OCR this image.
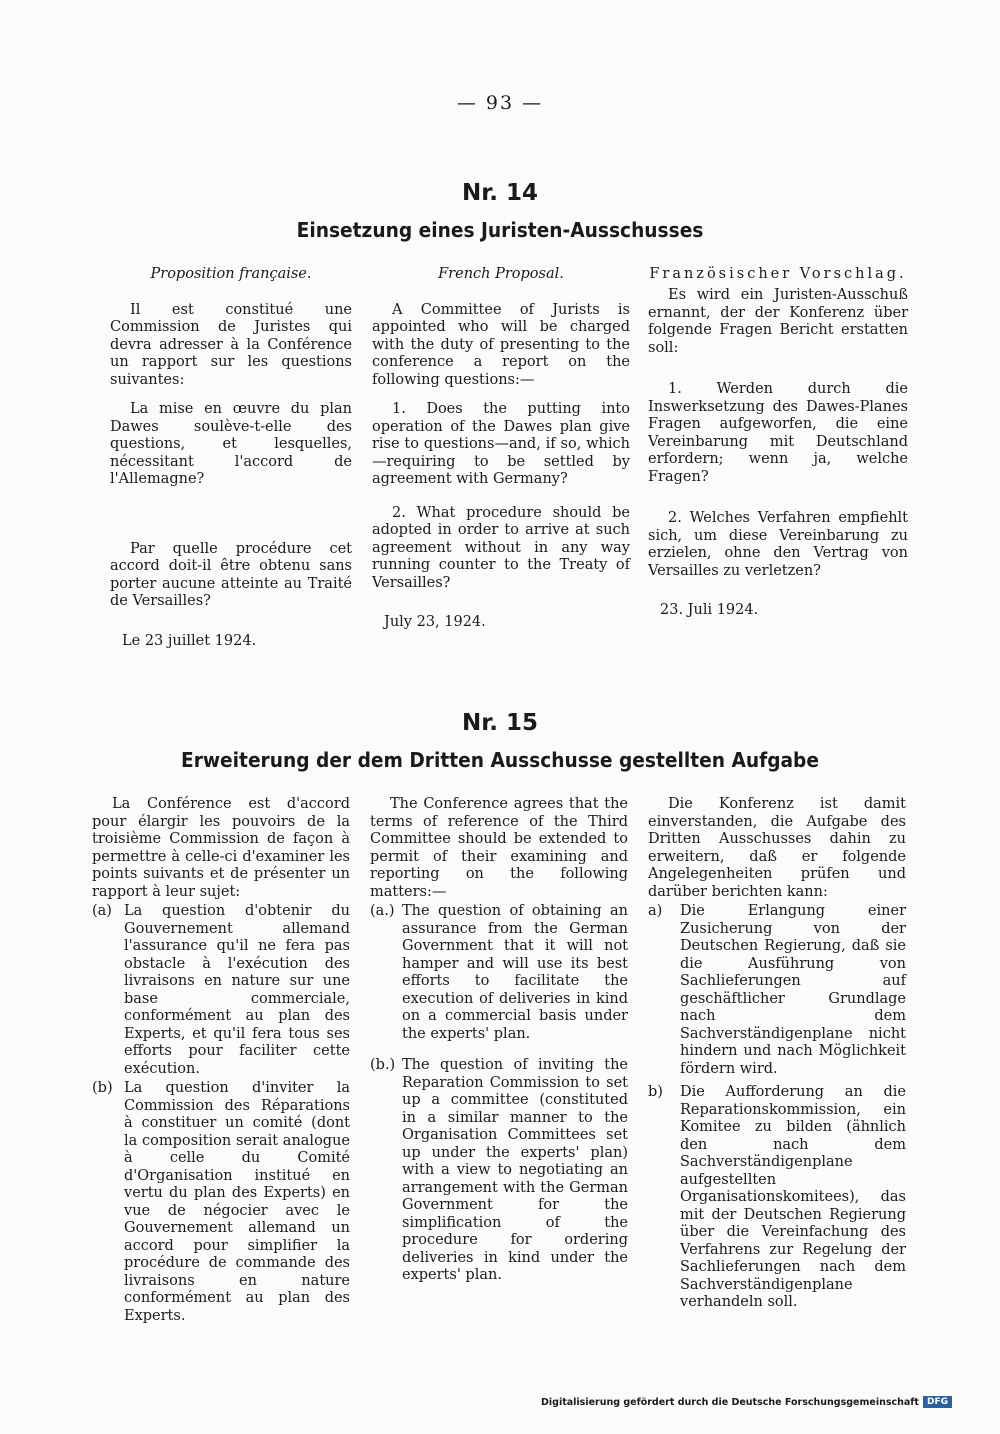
— 93 —
Nr. 14
Einsetzung eines Juristen-Ausschusses

Proposition française.

Il est constitué une Commission de Juristes qui devra adresser à la Conférence un rapport sur les questions suivantes:

La mise en œuvre du plan Dawes soulève-t-elle des questions, et lesquelles, nécessitant l'accord de l'Allemagne?

Par quelle procédure cet accord doit-il être obtenu sans porter aucune atteinte au Traité de Versailles?

Le 23 juillet 1924.

French Proposal.

A Committee of Jurists is appointed who will be charged with the duty of presenting to the conference a report on the following questions:—

1. Does the putting into operation of the Dawes plan give rise to questions—and, if so, which—requiring to be settled by agreement with Germany?

2. What procedure should be adopted in order to arrive at such agreement without in any way running counter to the Treaty of Versailles?

July 23, 1924.

Französischer Vorschlag.

Es wird ein Juristen-Ausschuß ernannt, der der Konferenz über folgende Fragen Bericht erstatten soll:

1. Werden durch die Inswerksetzung des Dawes-Planes Fragen aufgeworfen, die eine Vereinbarung mit Deutschland erfordern; wenn ja, welche Fragen?

2. Welches Verfahren empfiehlt sich, um diese Vereinbarung zu erzielen, ohne den Vertrag von Versailles zu verletzen?

23. Juli 1924.

Nr. 15
Erweiterung der dem Dritten Ausschusse gestellten Aufgabe

La Conférence est d'accord pour élargir les pouvoirs de la troisième Commission de façon à permettre à celle-ci d'examiner les points suivants et de présenter un rapport à leur sujet:

(a) La question d'obtenir du Gouvernement allemand l'assurance qu'il ne fera pas obstacle à l'exécution des livraisons en nature sur une base commerciale, conformément au plan des Experts, et qu'il fera tous ses efforts pour faciliter cette exécution.
(b) La question d'inviter la Commission des Réparations à constituer un comité (dont la composition serait analogue à celle du Comité d'Organisation institué en vertu du plan des Experts) en vue de négocier avec le Gouvernement allemand un accord pour simplifier la procédure de commande des livraisons en nature conformément au plan des Experts.

The Conference agrees that the terms of reference of the Third Committee should be extended to permit of their examining and reporting on the following matters:—

(a.) The question of obtaining an assurance from the German Government that it will not hamper and will use its best efforts to facilitate the execution of deliveries in kind on a commercial basis under the experts' plan.
(b.) The question of inviting the Reparation Commission to set up a committee (constituted in a similar manner to the Organisation Committees set up under the experts' plan) with a view to negotiating an arrangement with the German Government for the simplification of the procedure for ordering deliveries in kind under the experts' plan.

Die Konferenz ist damit einverstanden, die Aufgabe des Dritten Ausschusses dahin zu erweitern, daß er folgende Angelegenheiten prüfen und darüber berichten kann:

a)	Die Erlangung einer Zusicherung von der Deutschen Regierung, daß sie die Ausführung von Sachlieferungen auf geschäftlicher Grundlage nach dem Sachverständigenplane nicht hindern und nach Möglichkeit fördern wird.
b)	Die Aufforderung an die Reparationskommission, ein Komitee zu bilden (ähnlich den nach dem Sachverständigenplane aufgestellten Organisationskomitees), das mit der Deutschen Regierung über die Vereinfachung des Verfahrens zur Regelung der Sachlieferungen nach dem Sachverständigenplane verhandeln soll.
Digitalisierung gefördert durch die Deutsche Forschungsgemeinschaft DFG
